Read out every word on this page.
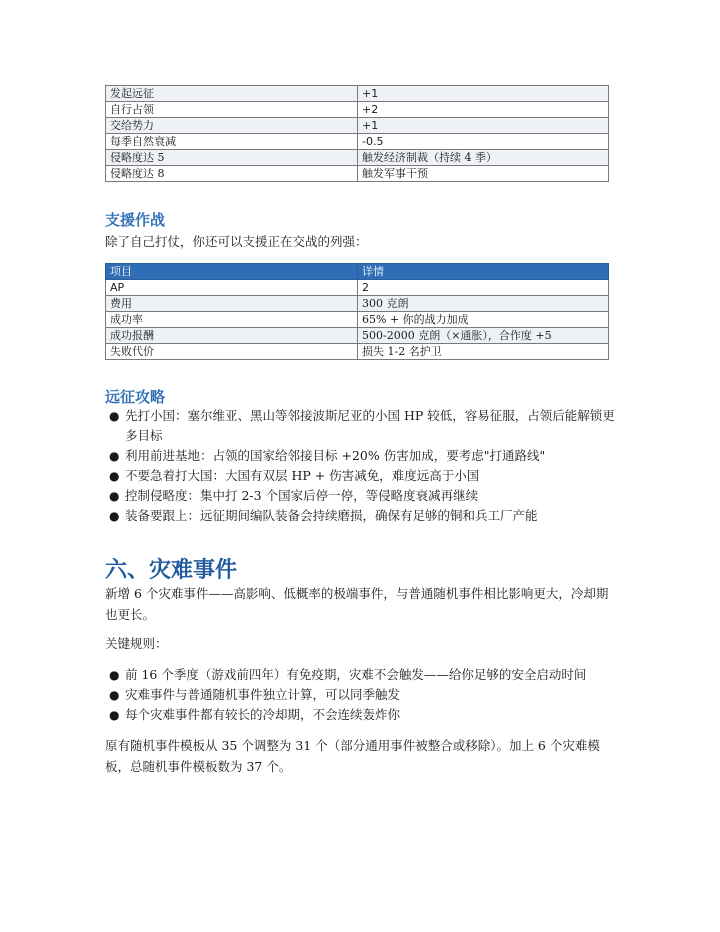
发起远征	+1
自行占领	+2
交给势力	+1
每季自然衰减	-0.5
侵略度达 5	触发经济制裁（持续 4 季）
侵略度达 8	触发军事干预
支援作战

除了自己打仗，你还可以支援正在交战的列强：

项目	详情
AP	2
费用	300 克朗
成功率	65% + 你的战力加成
成功报酬	500-2000 克朗（×通胀），合作度 +5
失败代价	损失 1-2 名护卫
远征攻略
● 先打小国：塞尔维亚、黑山等邻接波斯尼亚的小国 HP 较低，容易征服，占领后能解锁更多目标
● 利用前进基地：占领的国家给邻接目标 +20% 伤害加成，要考虑"打通路线"
● 不要急着打大国：大国有双层 HP + 伤害减免，难度远高于小国
● 控制侵略度：集中打 2-3 个国家后停一停，等侵略度衰减再继续
● 装备要跟上：远征期间编队装备会持续磨损，确保有足够的铜和兵工厂产能
六、灾难事件

新增 6 个灾难事件——高影响、低概率的极端事件，与普通随机事件相比影响更大，冷却期也更长。

关键规则：

● 前 16 个季度（游戏前四年）有免疫期，灾难不会触发——给你足够的安全启动时间
● 灾难事件与普通随机事件独立计算，可以同季触发
● 每个灾难事件都有较长的冷却期，不会连续轰炸你

原有随机事件模板从 35 个调整为 31 个（部分通用事件被整合或移除）。加上 6 个灾难模板，总随机事件模板数为 37 个。
